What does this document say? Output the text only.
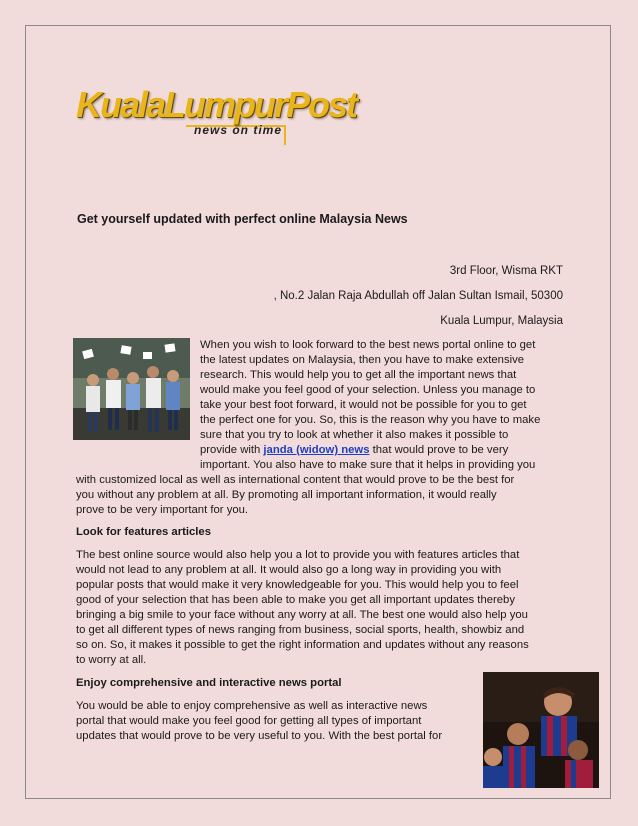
KualaLumpurPost
news on time
Get yourself updated with perfect online Malaysia News
3rd Floor, Wisma RKT
, No.2 Jalan Raja Abdullah off Jalan Sultan Ismail, 50300
Kuala Lumpur, Malaysia
When you wish to look forward to the best news portal online to get
the latest updates on Malaysia, then you have to make extensive
research. This would help you to get all the important news that
would make you feel good of your selection. Unless you manage to
take your best foot forward, it would not be possible for you to get
the perfect one for you. So, this is the reason why you have to make
sure that you try to look at whether it also makes it possible to
provide with janda (widow) news that would prove to be very
important. You also have to make sure that it helps in providing you
with customized local as well as international content that would prove to be the best for
you without any problem at all. By promoting all important information, it would really
prove to be very important for you.
Look for features articles
The best online source would also help you a lot to provide you with features articles that
would not lead to any problem at all. It would also go a long way in providing you with
popular posts that would make it very knowledgeable for you. This would help you to feel
good of your selection that has been able to make you get all important updates thereby
bringing a big smile to your face without any worry at all. The best one would also help you
to get all different types of news ranging from business, social sports, health, showbiz and
so on. So, it makes it possible to get the right information and updates without any reasons
to worry at all.
Enjoy comprehensive and interactive news portal
You would be able to enjoy comprehensive as well as interactive news
portal that would make you feel good for getting all types of important
updates that would prove to be very useful to you. With the best portal for
